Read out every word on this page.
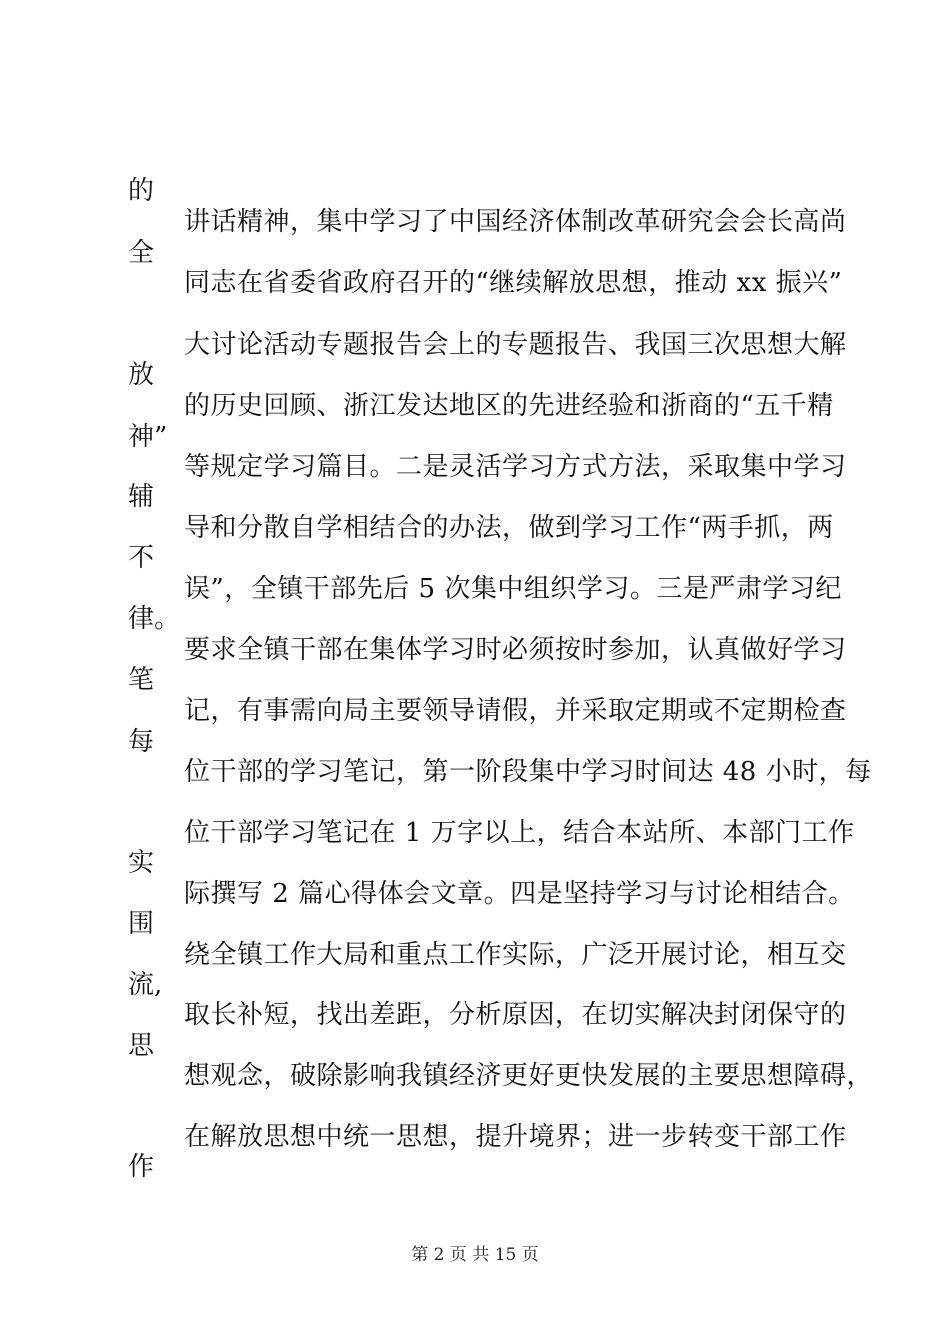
的
全
放
神”
辅
不
律。
笔
每
实
围
流,
思
作
讲话精神，集中学习了中国经济体制改革研究会会长高尚
同志在省委省政府召开的“继续解放思想，推动 xx 振兴”
大讨论活动专题报告会上的专题报告、我国三次思想大解
的历史回顾、浙江发达地区的先进经验和浙商的“五千精
等规定学习篇目。二是灵活学习方式方法，采取集中学习
导和分散自学相结合的办法，做到学习工作“两手抓，两
误”，全镇干部先后 5 次集中组织学习。三是严肃学习纪
要求全镇干部在集体学习时必须按时参加，认真做好学习
记，有事需向局主要领导请假，并采取定期或不定期检查
位干部的学习笔记，第一阶段集中学习时间达 48 小时，每
位干部学习笔记在 1 万字以上，结合本站所、本部门工作
际撰写 2 篇心得体会文章。四是坚持学习与讨论相结合。
绕全镇工作大局和重点工作实际，广泛开展讨论，相互交
取长补短，找出差距，分析原因，在切实解决封闭保守的
想观念，破除影响我镇经济更好更快发展的主要思想障碍，
在解放思想中统一思想，提升境界；进一步转变干部工作
第 2 页 共 15 页
